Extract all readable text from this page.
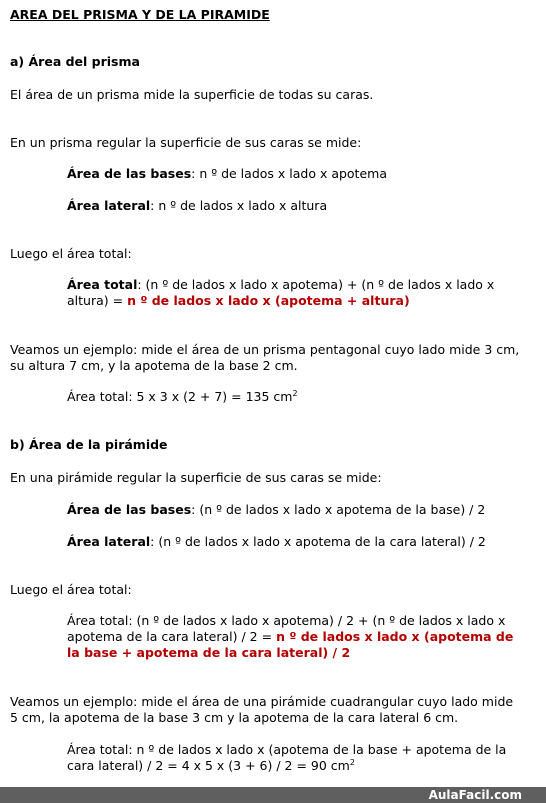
AREA DEL PRISMA Y DE LA PIRAMIDE
a) Área del prisma
El área de un prisma mide la superficie de todas su caras.
En un prisma regular la superficie de sus caras se mide:
Área de las bases: n º de lados x lado x apotema
Área lateral: n º de lados x lado x altura
Luego el área total:
Área total: (n º de lados x lado x apotema) + (n º de lados x lado x altura) = n º de lados x lado x (apotema + altura)
Veamos un ejemplo: mide el área de un prisma pentagonal cuyo lado mide 3 cm, su altura 7 cm, y la apotema de la base 2 cm.
Área total: 5 x 3 x (2 + 7) = 135 $cm^2$
b) Área de la pirámide
En una pirámide regular la superficie de sus caras se mide:
Área de las bases: (n º de lados x lado x apotema de la base) / 2
Área lateral: (n º de lados x lado x apotema de la cara lateral) / 2
Luego el área total:
Área total: (n º de lados x lado x apotema) / 2 + (n º de lados x lado x apotema de la cara lateral) / 2 = n º de lados x lado x (apotema de la base + apotema de la cara lateral) / 2
Veamos un ejemplo: mide el área de una pirámide cuadrangular cuyo lado mide 5 cm, la apotema de la base 3 cm y la apotema de la cara lateral 6 cm.
Área total: n º de lados x lado x (apotema de la base + apotema de la cara lateral) / 2 = 4 x 5 x (3 + 6) / 2 = 90 $cm^2$
AulaFacil.com
